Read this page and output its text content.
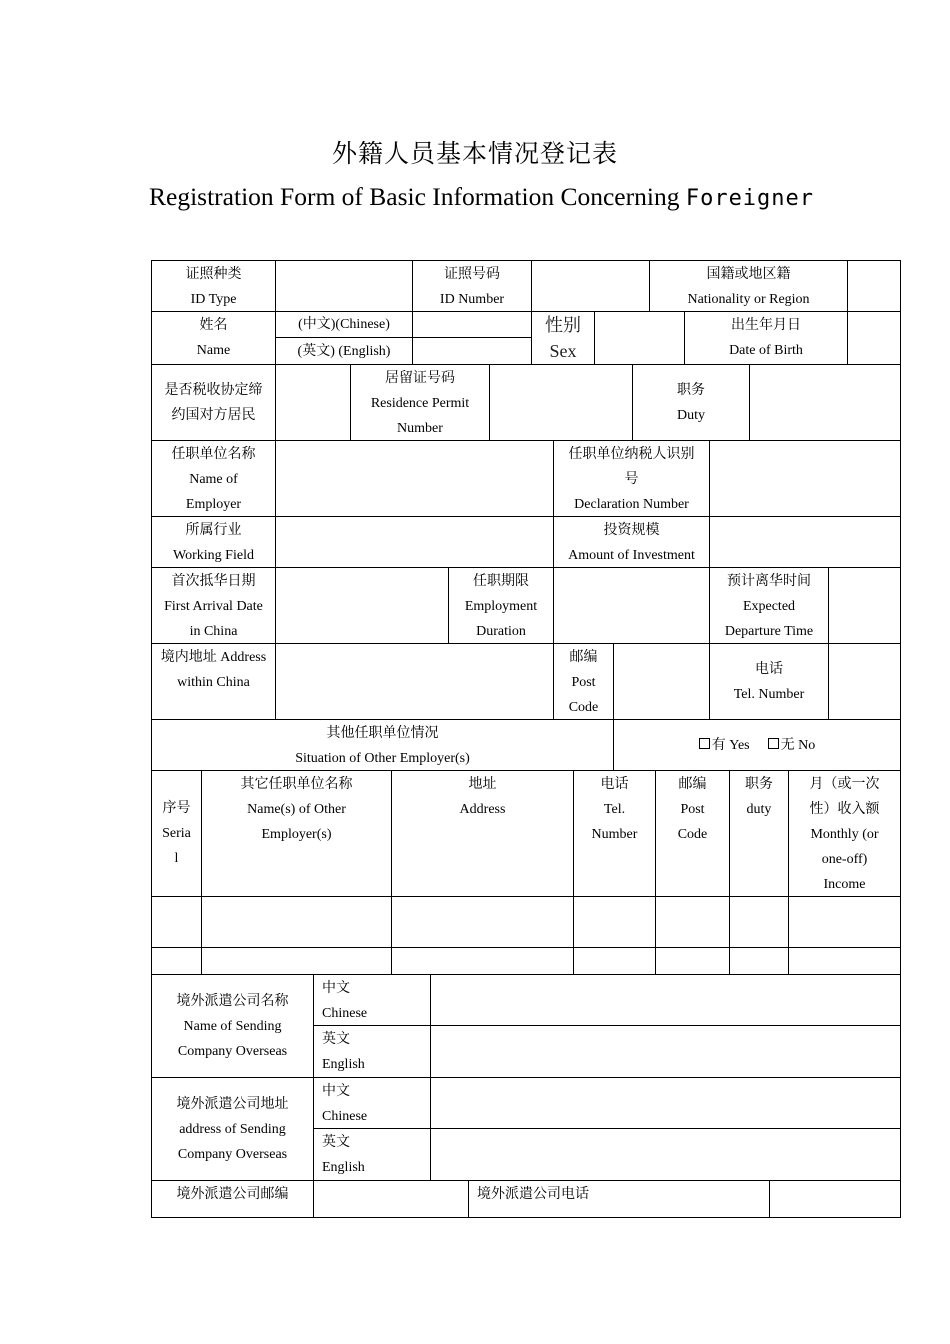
外籍人员基本情况登记表
Registration Form of Basic Information Concerning Foreigner
证照种类
ID Type
证照号码
ID Number
国籍或地区籍
Nationality or Region
姓名
Name
(中文)(Chinese)
(英文) (English)
性别
Sex
出生年月日
Date of Birth
是否税收协定缔
约国对方居民
居留证号码
Residence Permit
Number
职务
Duty
任职单位名称
Name of
Employer
任职单位纳税人识别
号
Declaration Number
所属行业
Working Field
投资规模
Amount of Investment
首次抵华日期
First Arrival Date
in China
任职期限
Employment
Duration
预计离华时间
Expected
Departure Time
境内地址 Address
within China
邮编
Post
Code
电话
Tel. Number
其他任职单位情况
Situation of Other Employer(s)
有 Yes	无 No
序号
Seria
l
其它任职单位名称
Name(s) of Other
Employer(s)
地址
Address
电话
Tel.
Number
邮编
Post
Code
职务
duty
月（或一次
性）收入额
Monthly (or
one-off)
Income
境外派遣公司名称
Name of Sending
Company Overseas
中文
Chinese
英文
English
境外派遣公司地址
address of Sending
Company Overseas
中文
Chinese
英文
English
境外派遣公司邮编	境外派遣公司电话
